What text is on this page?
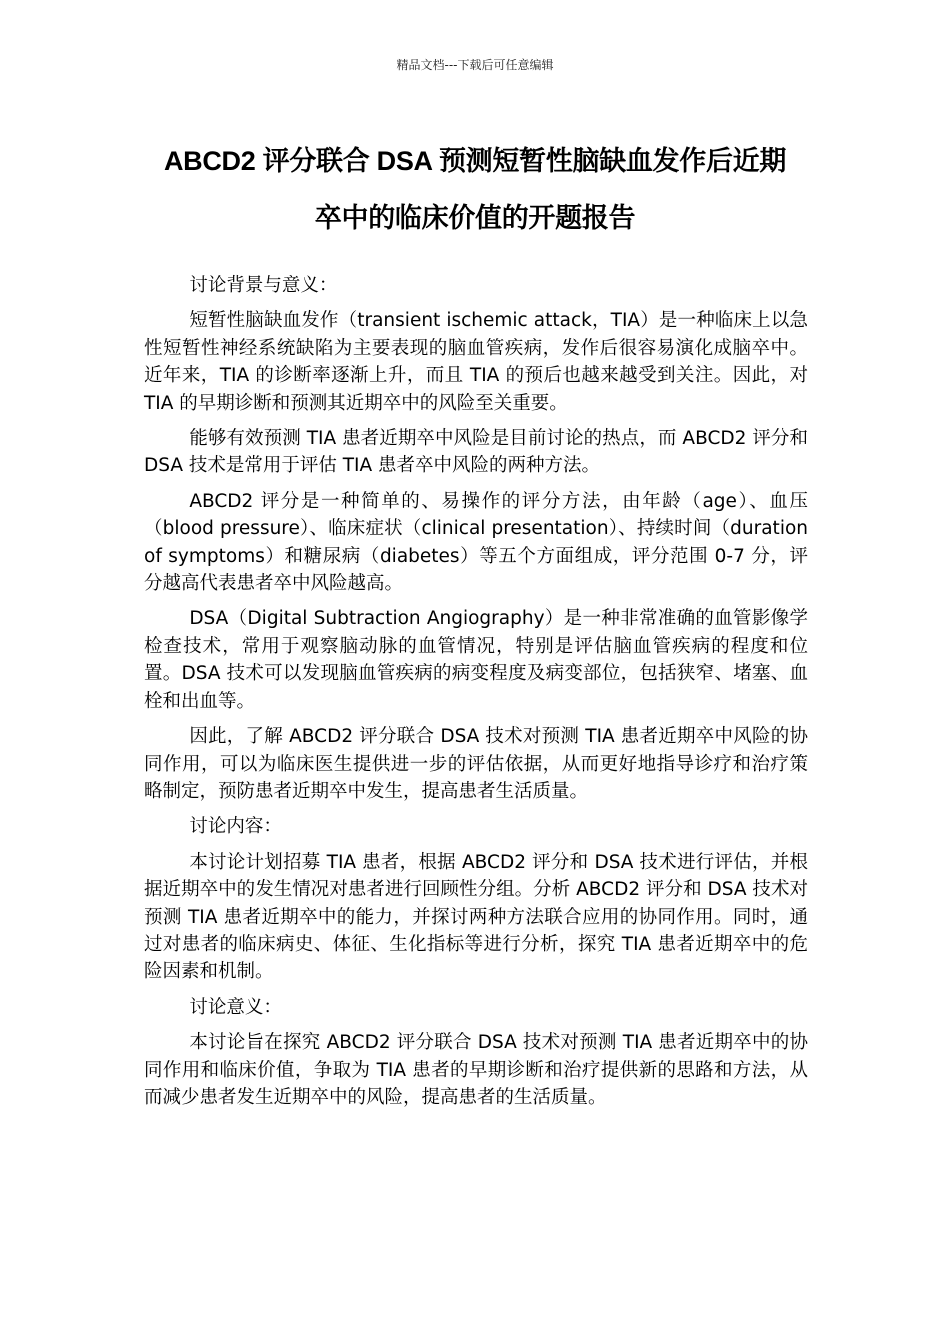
精品文档---下载后可任意编辑
ABCD2 评分联合 DSA 预测短暂性脑缺血发作后近期
卒中的临床价值的开题报告

讨论背景与意义：

短暂性脑缺血发作（transient ischemic attack，TIA）是一种临床上以急性短暂性神经系统缺陷为主要表现的脑血管疾病，发作后很容易演化成脑卒中。近年来，TIA 的诊断率逐渐上升，而且 TIA 的预后也越来越受到关注。因此，对 TIA 的早期诊断和预测其近期卒中的风险至关重要。

能够有效预测 TIA 患者近期卒中风险是目前讨论的热点，而 ABCD2 评分和 DSA 技术是常用于评估 TIA 患者卒中风险的两种方法。

ABCD2 评分是一种简单的、易操作的评分方法，由年龄（age）、血压（blood pressure）、临床症状（clinical presentation）、持续时间（duration of symptoms）和糖尿病（diabetes）等五个方面组成，评分范围 0-7 分，评分越高代表患者卒中风险越高。

DSA（Digital Subtraction Angiography）是一种非常准确的血管影像学检查技术，常用于观察脑动脉的血管情况，特别是评估脑血管疾病的程度和位置。DSA 技术可以发现脑血管疾病的病变程度及病变部位，包括狭窄、堵塞、血栓和出血等。

因此，了解 ABCD2 评分联合 DSA 技术对预测 TIA 患者近期卒中风险的协同作用，可以为临床医生提供进一步的评估依据，从而更好地指导诊疗和治疗策略制定，预防患者近期卒中发生，提高患者生活质量。

讨论内容：

本讨论计划招募 TIA 患者，根据 ABCD2 评分和 DSA 技术进行评估，并根据近期卒中的发生情况对患者进行回顾性分组。分析 ABCD2 评分和 DSA 技术对预测 TIA 患者近期卒中的能力，并探讨两种方法联合应用的协同作用。同时，通过对患者的临床病史、体征、生化指标等进行分析，探究 TIA 患者近期卒中的危险因素和机制。

讨论意义：

本讨论旨在探究 ABCD2 评分联合 DSA 技术对预测 TIA 患者近期卒中的协同作用和临床价值，争取为 TIA 患者的早期诊断和治疗提供新的思路和方法，从而减少患者发生近期卒中的风险，提高患者的生活质量。
